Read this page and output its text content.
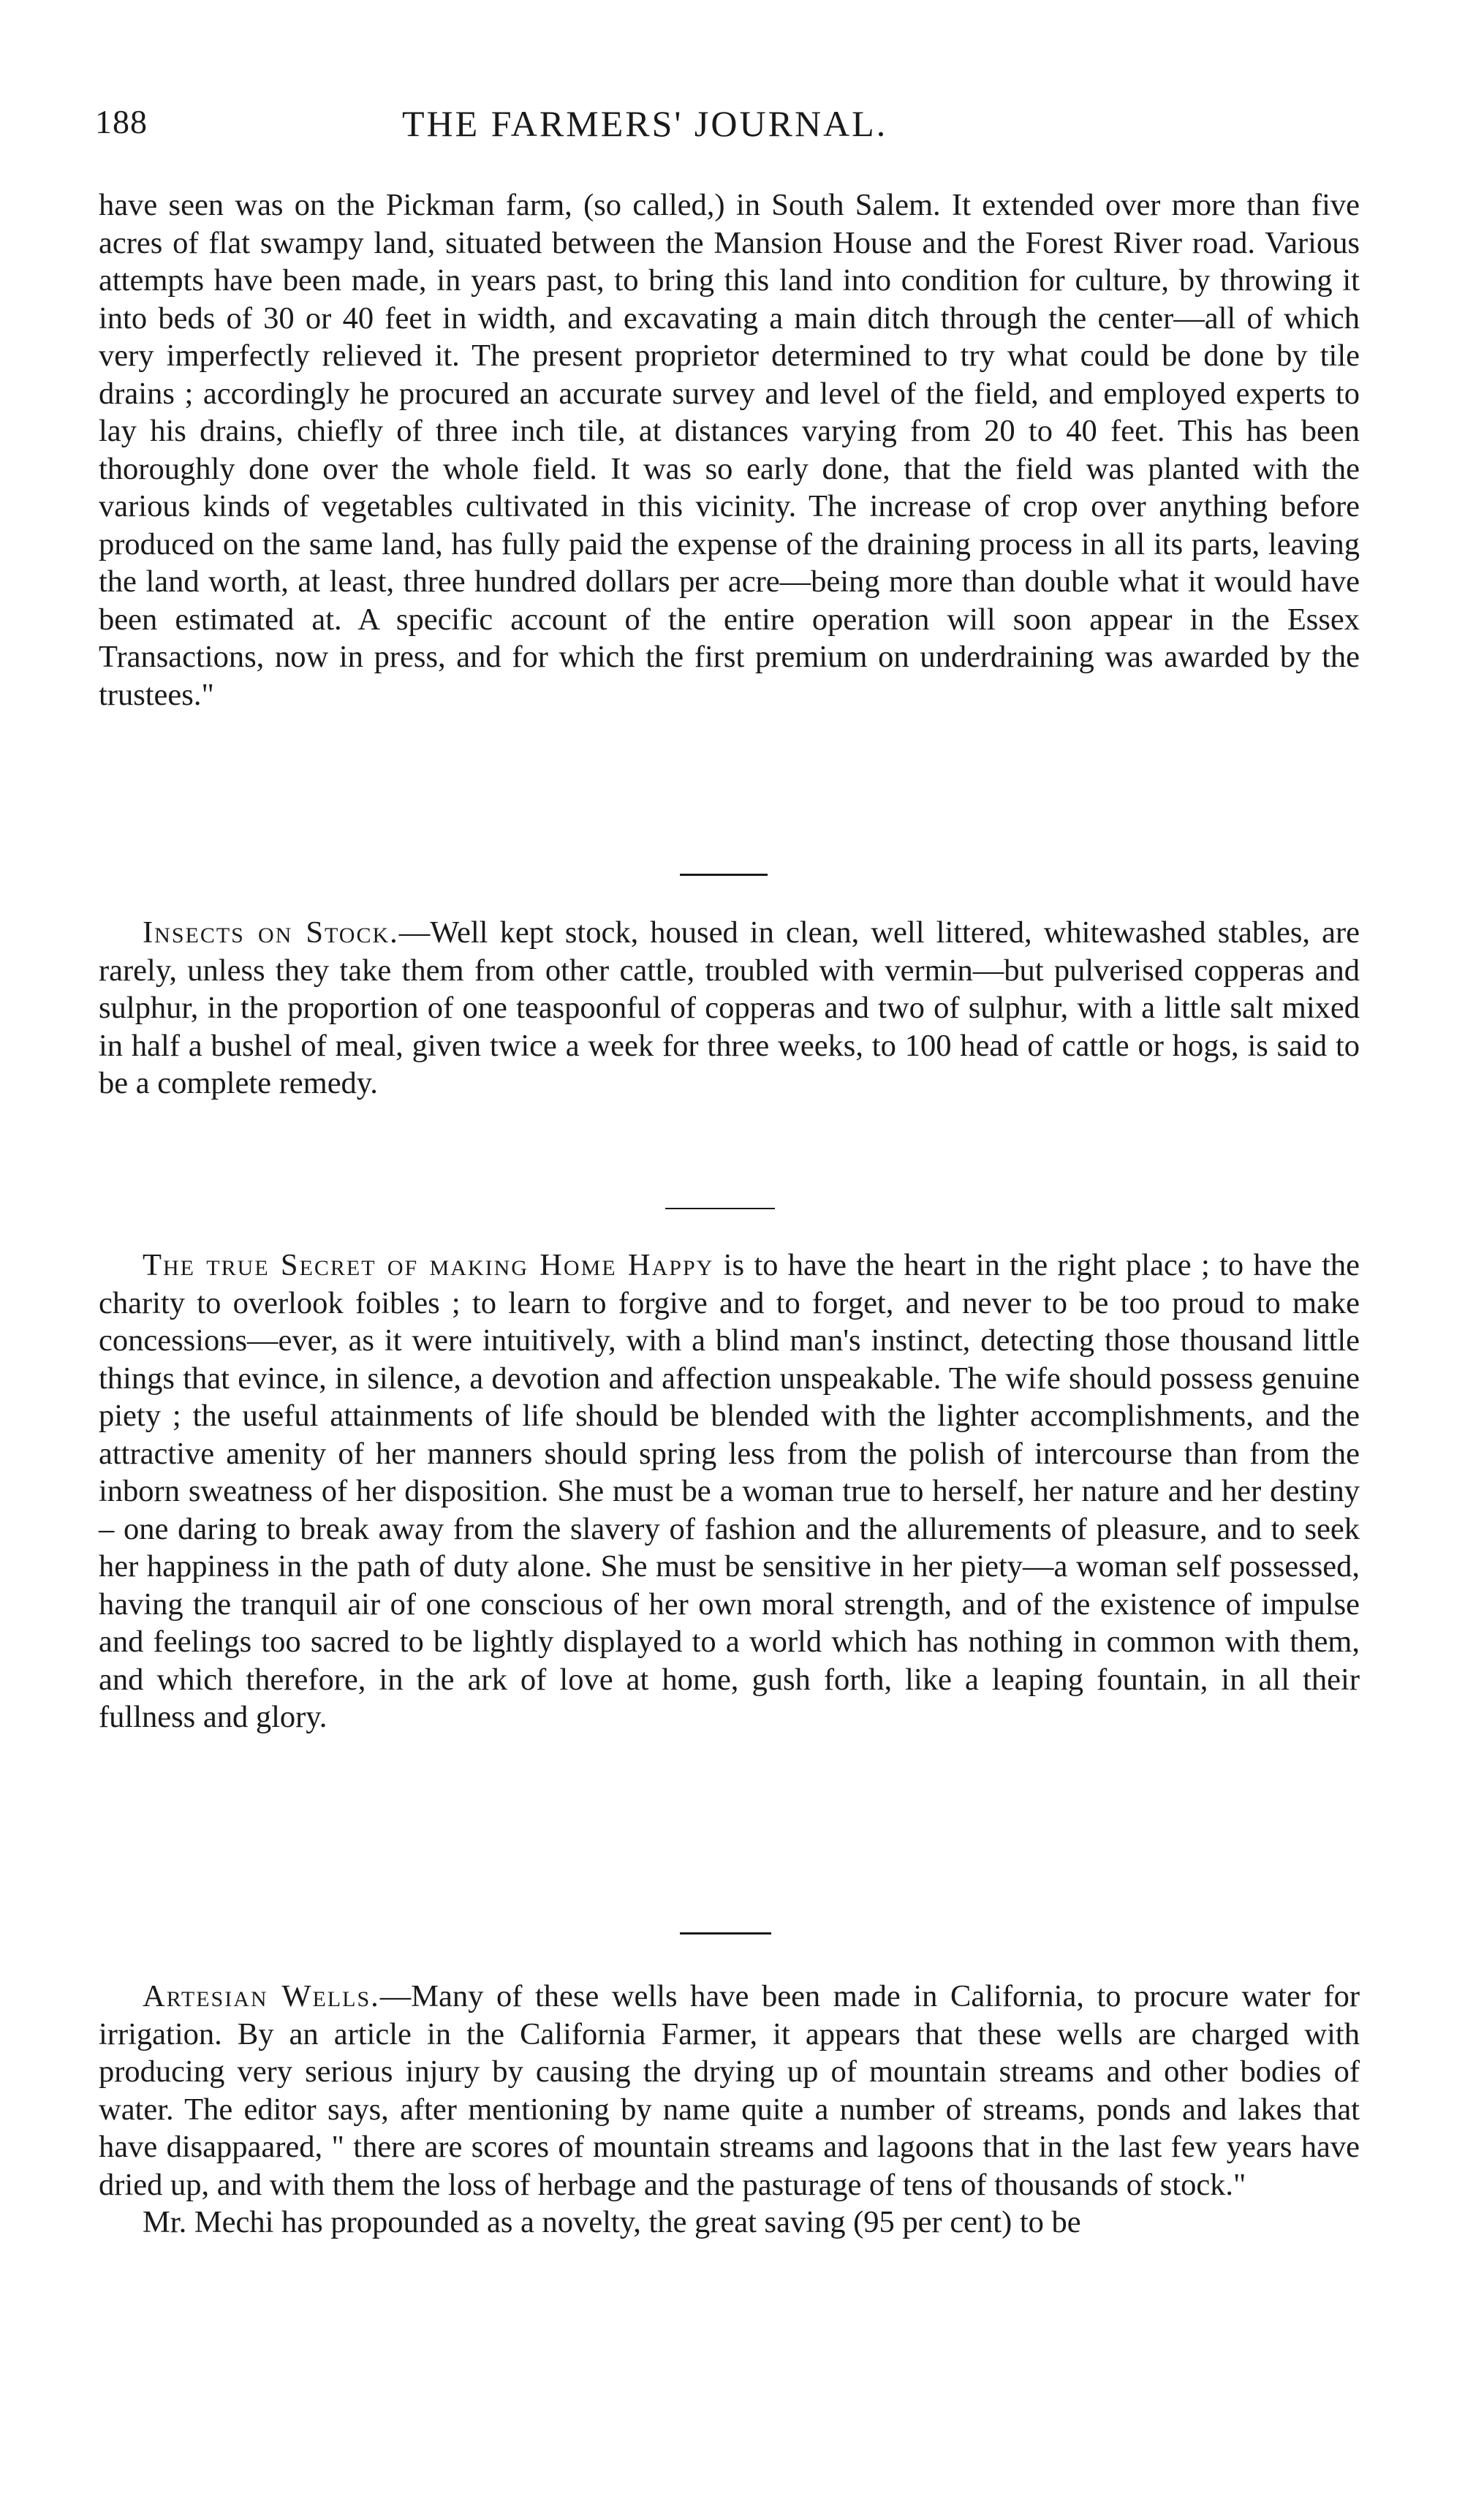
188	THE FARMERS' JOURNAL.

have seen was on the Pickman farm, (so called,) in South Salem. It extended over more than five acres of flat swampy land, situated between the Mansion House and the Forest River road. Various attempts have been made, in years past, to bring this land into condition for culture, by throwing it into beds of 30 or 40 feet in width, and excavating a main ditch through the center—all of which very imperfectly relieved it. The present proprietor determined to try what could be done by tile drains ; accordingly he procured an accurate survey and level of the field, and employed experts to lay his drains, chiefly of three inch tile, at distances varying from 20 to 40 feet. This has been thoroughly done over the whole field. It was so early done, that the field was planted with the various kinds of vegetables cultivated in this vicinity. The increase of crop over anything before produced on the same land, has fully paid the expense of the draining process in all its parts, leaving the land worth, at least, three hundred dollars per acre—being more than double what it would have been estimated at. A specific account of the entire operation will soon appear in the Essex Transactions, now in press, and for which the first premium on underdraining was awarded by the trustees."

Insects on Stock.—Well kept stock, housed in clean, well littered, whitewashed stables, are rarely, unless they take them from other cattle, troubled with vermin—but pulverised copperas and sulphur, in the proportion of one teaspoonful of copperas and two of sulphur, with a little salt mixed in half a bushel of meal, given twice a week for three weeks, to 100 head of cattle or hogs, is said to be a complete remedy.

The true Secret of making Home Happy is to have the heart in the right place ; to have the charity to overlook foibles ; to learn to forgive and to forget, and never to be too proud to make concessions—ever, as it were intuitively, with a blind man's instinct, detecting those thousand little things that evince, in silence, a devotion and affection unspeakable. The wife should possess genuine piety ; the useful attainments of life should be blended with the lighter accomplishments, and the attractive amenity of her manners should spring less from the polish of intercourse than from the inborn sweatness of her disposition. She must be a woman true to herself, her nature and her destiny – one daring to break away from the slavery of fashion and the allurements of pleasure, and to seek her happiness in the path of duty alone. She must be sensitive in her piety—a woman self possessed, having the tranquil air of one conscious of her own moral strength, and of the existence of impulse and feelings too sacred to be lightly displayed to a world which has nothing in common with them, and which therefore, in the ark of love at home, gush forth, like a leaping fountain, in all their fullness and glory.

Artesian Wells.—Many of these wells have been made in California, to procure water for irrigation. By an article in the California Farmer, it appears that these wells are charged with producing very serious injury by causing the drying up of mountain streams and other bodies of water. The editor says, after mentioning by name quite a number of streams, ponds and lakes that have disappaared, " there are scores of mountain streams and lagoons that in the last few years have dried up, and with them the loss of herbage and the pasturage of tens of thousands of stock."

Mr. Mechi has propounded as a novelty, the great saving (95 per cent) to be
